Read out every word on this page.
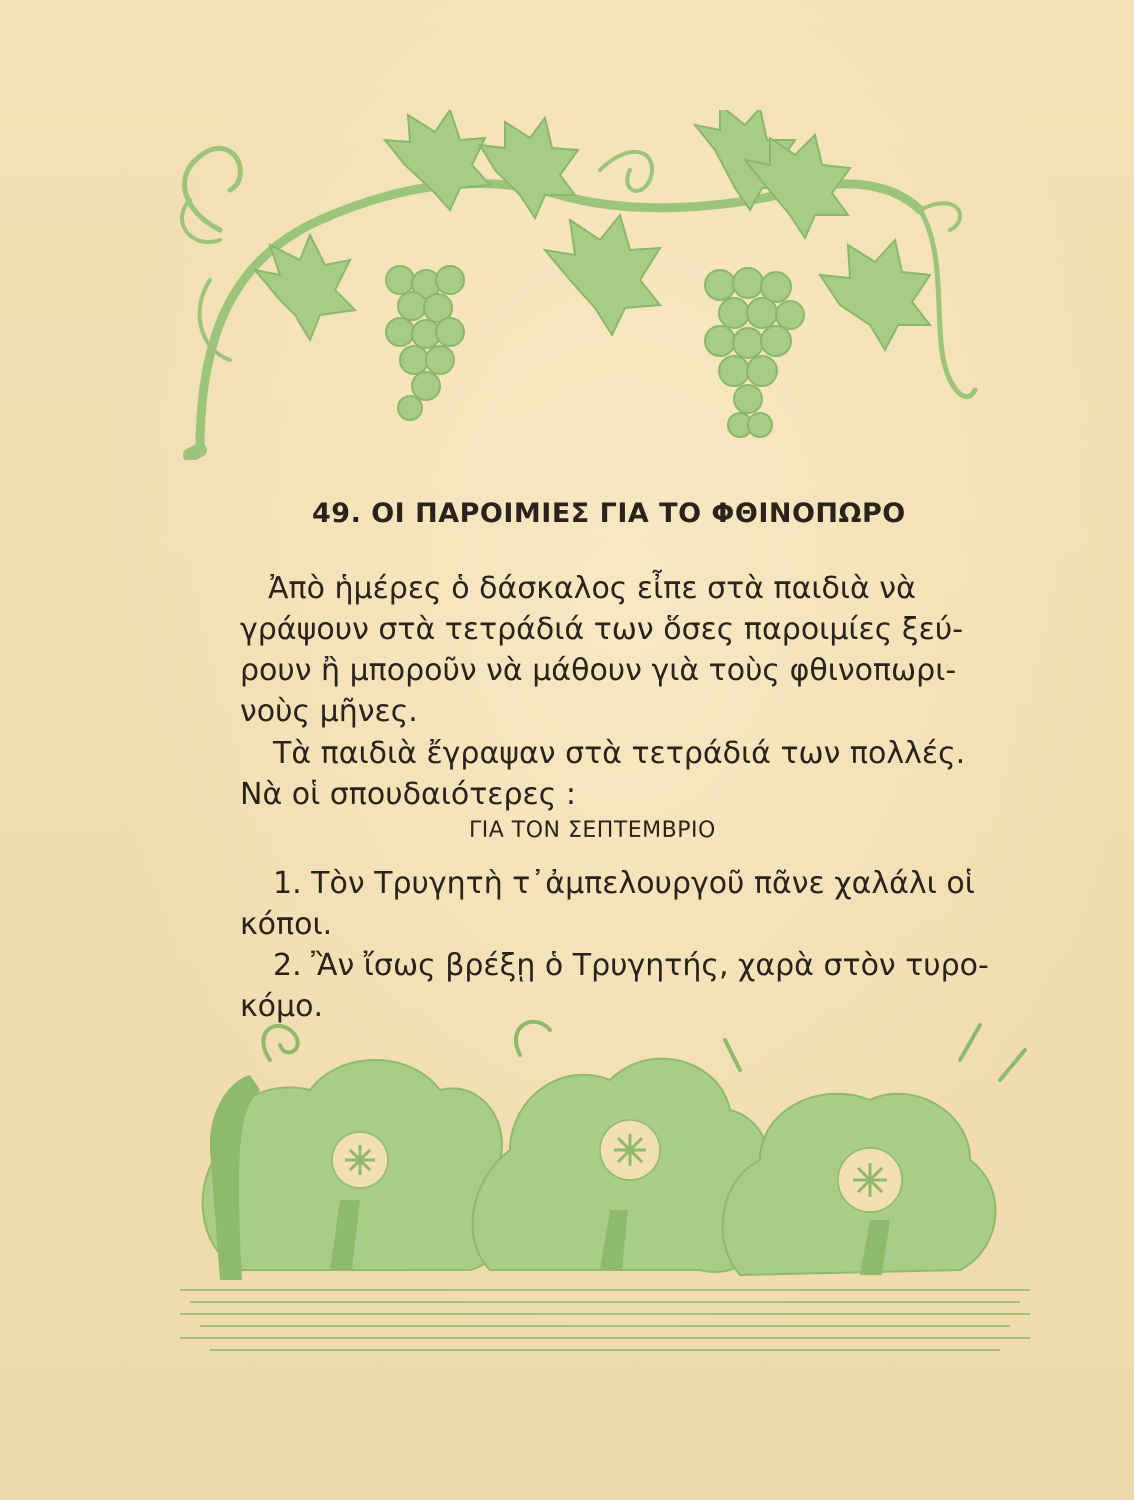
49. ΟΙ ΠΑΡΟΙΜΙΕΣ ΓΙΑ ΤΟ ΦΘΙΝΟΠΩΡΟ
Ἀπὸ ἡμέρες ὁ δάσκαλος εἶπε στὰ παιδιὰ νὰ
γράψουν στὰ τετράδιά των ὅσες παροιμίες ξεύ-
ρουν ἢ μποροῦν νὰ μάθουν γιὰ τοὺς φθινοπωρι-
νοὺς μῆνες.
Τὰ παιδιὰ ἔγραψαν στὰ τετράδιά των πολλές.
Νὰ οἱ σπουδαιότερες :
ΓΙΑ ΤΟΝ ΣΕΠΤΕΜΒΡΙΟ
1. Τὸν Τρυγητὴ τ᾽ἀμπελουργοῦ πᾶνε χαλάλι οἱ
κόποι.
2. Ἂν ἴσως βρέξῃ ὁ Τρυγητής, χαρὰ στὸν τυρο-
κόμο.
